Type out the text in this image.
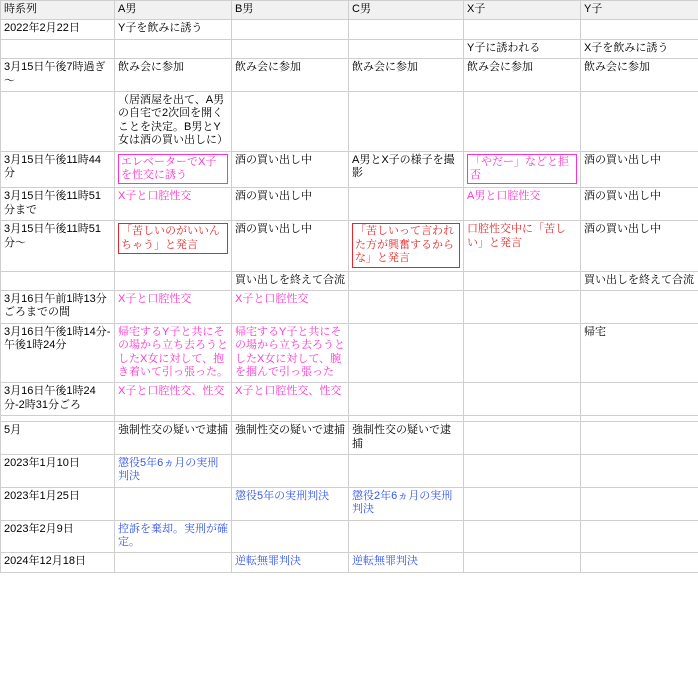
時系列	A男	B男	C男	X子	Y子
2022年2月22日	Y子を飲みに誘う				
				Y子に誘われる	X子を飲みに誘う
3月15日午後7時過ぎ～	飲み会に参加	飲み会に参加	飲み会に参加	飲み会に参加	飲み会に参加
	（居酒屋を出て、A男の自宅で2次回を開くことを決定。B男とY女は酒の買い出しに）				
3月15日午後11時44分	エレベーターでX子を性交に誘う	酒の買い出し中	A男とX子の様子を撮影	「やだー」などと拒否	酒の買い出し中
3月15日午後11時51分まで	X子と口腔性交	酒の買い出し中		A男と口腔性交	酒の買い出し中
3月15日午後11時51分～	「苦しいのがいいんちゃう」と発言	酒の買い出し中	「苦しいって言われた方が興奮するからな」と発言	口腔性交中に「苦しい」と発言	酒の買い出し中
		買い出しを終えて合流			買い出しを終えて合流
3月16日午前1時13分ごろまでの間	X子と口腔性交	X子と口腔性交			
3月16日午後1時14分-午後1時24分	帰宅するY子と共にその場から立ち去ろうとしたX女に対して、抱き着いて引っ張った。	帰宅するY子と共にその場から立ち去ろうとしたX女に対して、腕を掴んで引っ張った			帰宅
3月16日午後1時24分-2時31分ごろ	X子と口腔性交、性交	X子と口腔性交、性交			

5月	強制性交の疑いで逮捕	強制性交の疑いで逮捕	強制性交の疑いで逮捕		
2023年1月10日	懲役5年6ヵ月の実刑判決				
2023年1月25日		懲役5年の実刑判決	懲役2年6ヵ月の実刑判決		
2023年2月9日	控訴を棄却。実刑が確定。				
2024年12月18日		逆転無罪判決	逆転無罪判決		
